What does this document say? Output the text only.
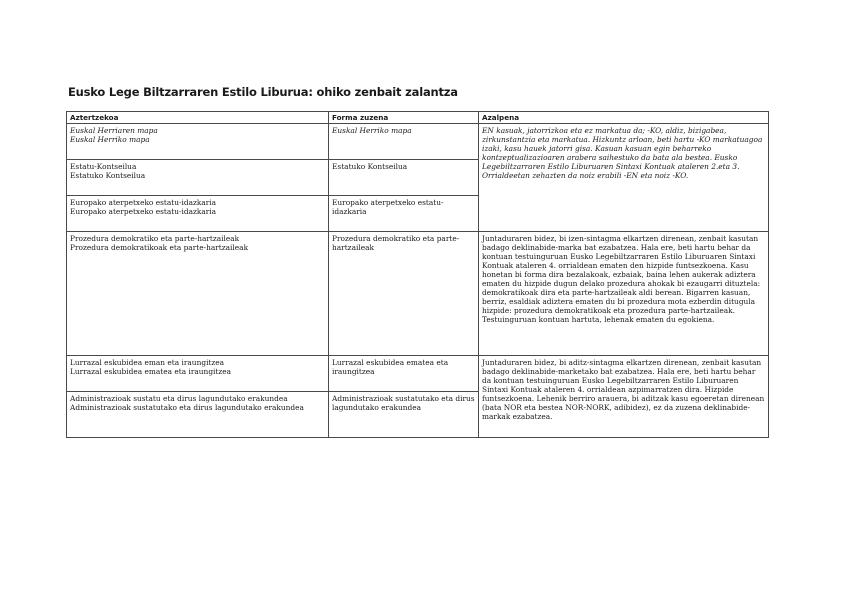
Eusko Lege Biltzarraren Estilo Liburua: ohiko zenbait zalantza
Aztertzekoa	Forma zuzena	Azalpena

Euskal Herriaren mapa
Euskal Herriko mapa	Euskal Herriko mapa	EN kasuak, jatorrizkoa eta ez markatua da; -KO, aldiz, bizigabea, zirkunstantzia eta markatua. Hizkuntz arloan, beti hartu -KO markatuagoa izaki, kasu hauek jatorri gisa. Kasuan kasuan egin beharreko kontzeptualizazioaren arabera saihestuko da bata ala bestea. Eusko Legebiltzarraren Estilo Liburuaren Sintaxi Kontuak ataleren 2.eta 3. Orrialdeetan zehazten da noiz erabili -EN eta noiz -KO.

Estatu-Kontseilua
Estatuko Kontseilua	Estatuko Kontseilua	

Europako aterpetxeko estatu-idazkaria
Europako aterpetxeko estatu-idazkaria	Europako aterpetxeko estatu-idazkaria	

Prozedura demokratiko eta parte-hartzaileak
Prozedura demokratikoak eta parte-hartzaileak	Prozedura demokratiko eta parte-hartzaileak	Juntaduraren bidez, bi izen-sintagma elkartzen direnean, zenbait kasutan badago deklinabide-marka bat ezabatzea. Hala ere, beti hartu behar da kontuan testuinguruan Eusko Legebiltzarraren Estilo Liburuaren Sintaxi Kontuak ataleren 4. orrialdean ematen den hizpide funtsezkoena. Kasu honetan bi forma dira bezalakoak, ezbaiak, baina lehen aukerak adiztera ematen du hizpide dugun delako prozedura ahokak bi ezaugarri dituztela: demokratikoak dira eta parte-hartzaileak aldi berean. Bigarren kasuan, berriz, esaldiak adiztera ematen du bi prozedura mota ezberdin ditugula hizpide: prozedura demokratikoak eta prozedura parte-hartzaileak. Testuinguruan kontuan hartuta, lehenak ematen du egokiena.

Lurrazal eskubidea eman eta iraungitzea
Lurrazal eskubidea ematea eta iraungitzea	Lurrazal eskubidea ematea eta iraungitzea	Juntaduraren bidez, bi aditz-sintagma elkartzen direnean, zenbait kasutan badago deklinabide-marketako bat ezabatzea. Hala ere, beti hartu behar da kontuan testuinguruan Eusko Legebiltzarraren Estilo Liburuaren Sintaxi Kontuak ataleren 4. orrialdean azpimarratzen dira. Hizpide funtsezkoena. Lehenik berriro arauera, bi aditzak kasu egoeretan direnean (bata NOR eta bestea NOR-NORK, adibidez), ez da zuzena deklinabide-markak ezabatzea.

Administrazioak sustatu eta dirus lagundutako erakundea
Administrazioak sustatutako eta dirus lagundutako erakundea	Administrazioak sustatutako eta dirus lagundutako erakundea	
